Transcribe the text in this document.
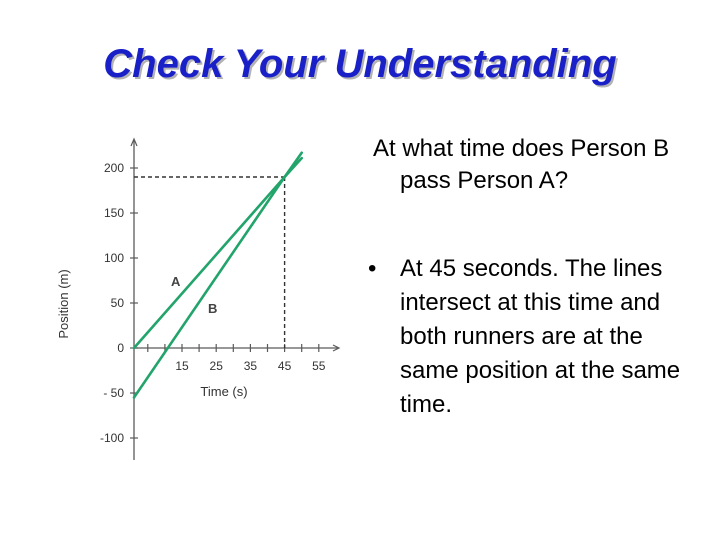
Check Your Understanding
200
150
100
50
0
- 50
-100
15 25 35 45 55
Time (s)
Position (m)	A
B

At what time does Person B pass Person A?

• At 45 seconds. The lines intersect at this time and both runners are at the same position at the same time.
